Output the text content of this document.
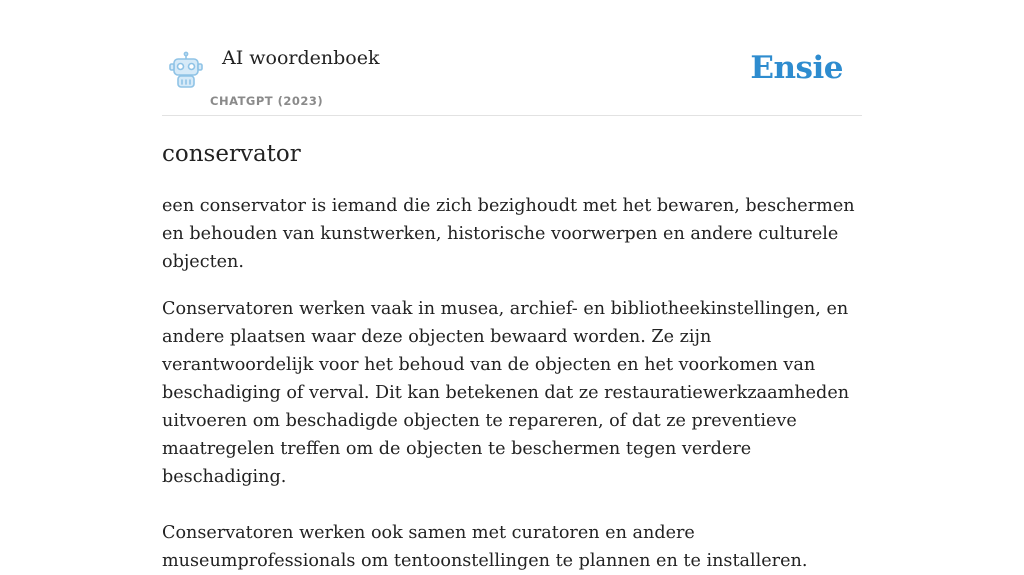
AI woordenboek
CHATGPT (2023)
Ensie
conservator

een conservator is iemand die zich bezighoudt met het bewaren, beschermen en behouden van kunstwerken, historische voorwerpen en andere culturele objecten.

Conservatoren werken vaak in musea, archief- en bibliotheekinstellingen, en andere plaatsen waar deze objecten bewaard worden. Ze zijn verantwoordelijk voor het behoud van de objecten en het voorkomen van beschadiging of verval. Dit kan betekenen dat ze restauratiewerkzaamheden uitvoeren om beschadigde objecten te repareren, of dat ze preventieve maatregelen treffen om de objecten te beschermen tegen verdere beschadiging.

Conservatoren werken ook samen met curatoren en andere museumprofessionals om tentoonstellingen te plannen en te installeren.
